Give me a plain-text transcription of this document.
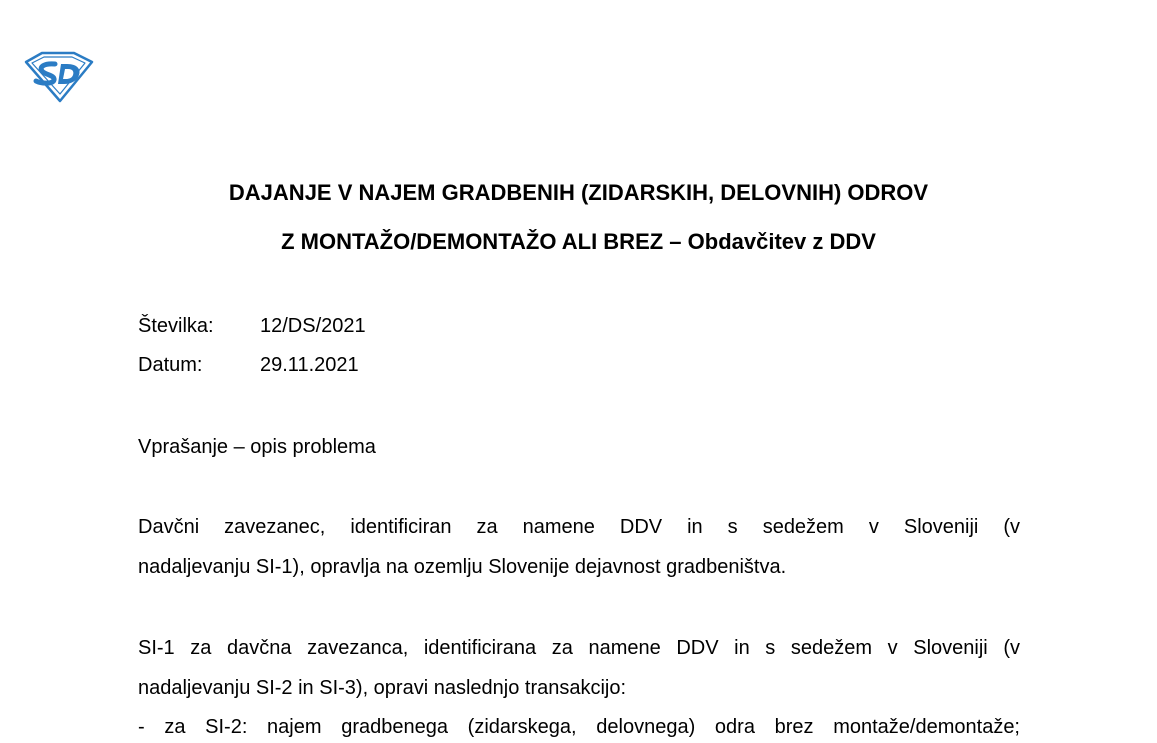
DAJANJE V NAJEM GRADBENIH (ZIDARSKIH, DELOVNIH) ODROV
Z MONTAŽO/DEMONTAŽO ALI BREZ – Obdavčitev z DDV
Številka: 12/DS/2021
Datum:	29.11.2021
Vprašanje – opis problema
Davčni zavezanec, identificiran za namene DDV in s sedežem v Sloveniji (v
nadaljevanju SI-1), opravlja na ozemlju Slovenije dejavnost gradbeništva.
SI-1 za davčna zavezanca, identificirana za namene DDV in s sedežem v Sloveniji (v
nadaljevanju SI-2 in SI-3), opravi naslednjo transakcijo:
- za SI-2: najem gradbenega (zidarskega, delovnega) odra brez montaže/demontaže;
